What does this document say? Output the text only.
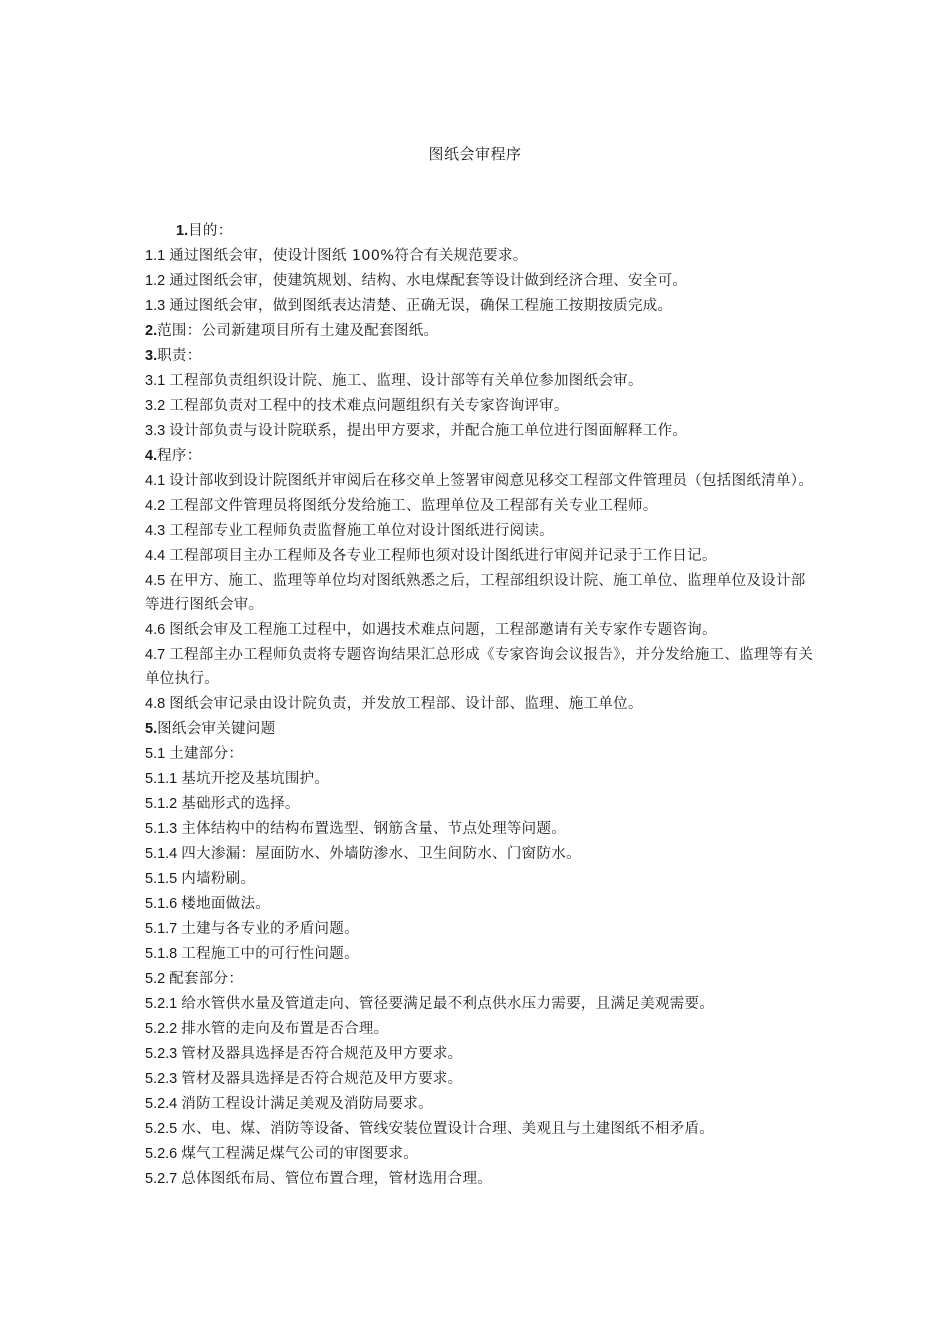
图纸会审程序
1.目的：
1.1 通过图纸会审，使设计图纸 100%符合有关规范要求。
1.2 通过图纸会审，使建筑规划、结构、水电煤配套等设计做到经济合理、安全可。
1.3 通过图纸会审，做到图纸表达清楚、正确无误，确保工程施工按期按质完成。
2.范围：公司新建项目所有土建及配套图纸。
3.职责：
3.1 工程部负责组织设计院、施工、监理、设计部等有关单位参加图纸会审。
3.2 工程部负责对工程中的技术难点问题组织有关专家咨询评审。
3.3 设计部负责与设计院联系，提出甲方要求，并配合施工单位进行图面解释工作。
4.程序：
4.1 设计部收到设计院图纸并审阅后在移交单上签署审阅意见移交工程部文件管理员（包括图纸清单）。
4.2 工程部文件管理员将图纸分发给施工、监理单位及工程部有关专业工程师。
4.3 工程部专业工程师负责监督施工单位对设计图纸进行阅读。
4.4 工程部项目主办工程师及各专业工程师也须对设计图纸进行审阅并记录于工作日记。
4.5 在甲方、施工、监理等单位均对图纸熟悉之后，工程部组织设计院、施工单位、监理单位及设计部等进行图纸会审。
4.6 图纸会审及工程施工过程中，如遇技术难点问题，工程部邀请有关专家作专题咨询。
4.7 工程部主办工程师负责将专题咨询结果汇总形成《专家咨询会议报告》，并分发给施工、监理等有关单位执行。
4.8 图纸会审记录由设计院负责，并发放工程部、设计部、监理、施工单位。
5.图纸会审关键问题
5.1 土建部分：
5.1.1 基坑开挖及基坑围护。
5.1.2 基础形式的选择。
5.1.3 主体结构中的结构布置选型、钢筋含量、节点处理等问题。
5.1.4 四大渗漏：屋面防水、外墙防渗水、卫生间防水、门窗防水。
5.1.5 内墙粉刷。
5.1.6 楼地面做法。
5.1.7 土建与各专业的矛盾问题。
5.1.8 工程施工中的可行性问题。
5.2 配套部分：
5.2.1 给水管供水量及管道走向、管径要满足最不利点供水压力需要，且满足美观需要。
5.2.2 排水管的走向及布置是否合理。
5.2.3 管材及器具选择是否符合规范及甲方要求。
5.2.3 管材及器具选择是否符合规范及甲方要求。
5.2.4 消防工程设计满足美观及消防局要求。
5.2.5 水、电、煤、消防等设备、管线安装位置设计合理、美观且与土建图纸不相矛盾。
5.2.6 煤气工程满足煤气公司的审图要求。
5.2.7 总体图纸布局、管位布置合理，管材选用合理。
